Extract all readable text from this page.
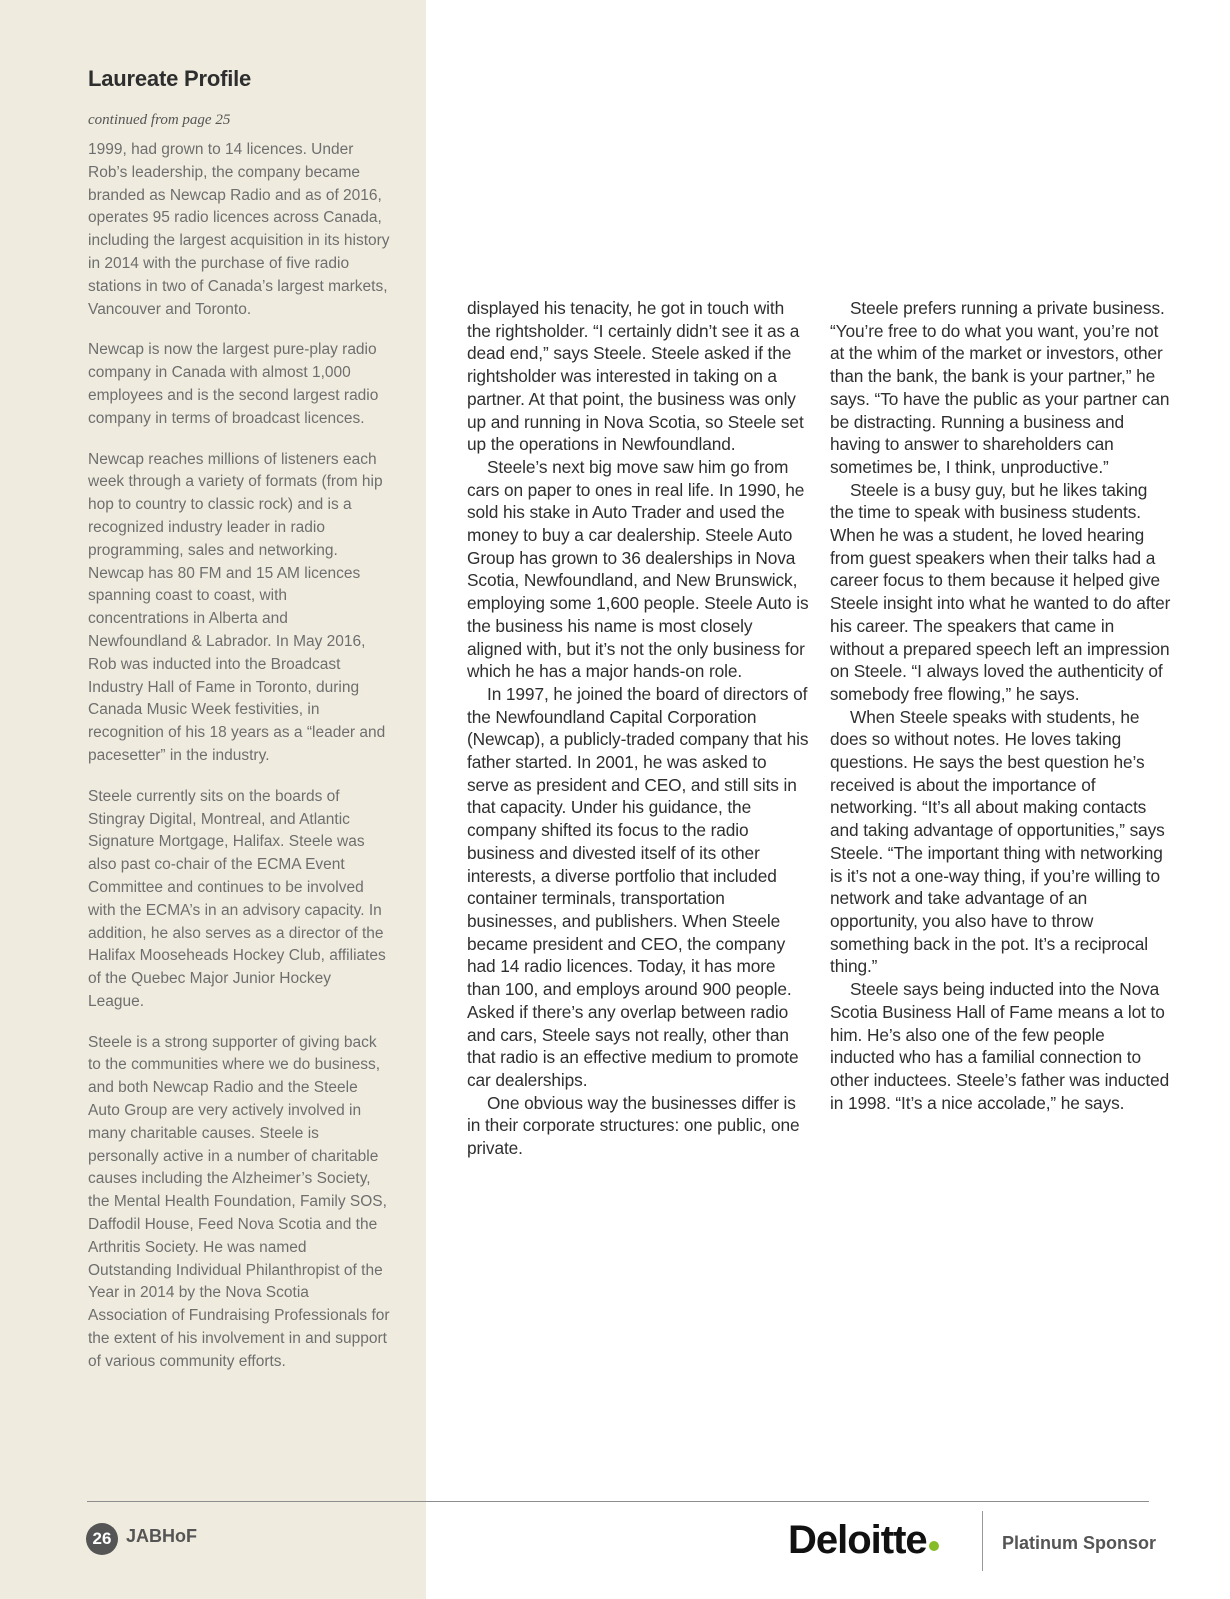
Laureate Profile

continued from page 25

1999, had grown to 14 licences. Under Rob’s leadership, the company became branded as Newcap Radio and as of 2016, operates 95 radio licences across Canada, including the largest acquisition in its history in 2014 with the purchase of five radio stations in two of Canada’s largest markets, Vancouver and Toronto.

Newcap is now the largest pure-play radio company in Canada with almost 1,000 employees and is the second largest radio company in terms of broadcast licences.

Newcap reaches millions of listeners each week through a variety of formats (from hip hop to country to classic rock) and is a recognized industry leader in radio programming, sales and networking. Newcap has 80 FM and 15 AM licences spanning coast to coast, with concentrations in Alberta and Newfoundland & Labrador. In May 2016, Rob was inducted into the Broadcast Industry Hall of Fame in Toronto, during Canada Music Week festivities, in recognition of his 18 years as a “leader and pacesetter” in the industry.

Steele currently sits on the boards of Stingray Digital, Montreal, and Atlantic Signature Mortgage, Halifax. Steele was also past co-chair of the ECMA Event Committee and continues to be involved with the ECMA’s in an advisory capacity. In addition, he also serves as a director of the Halifax Mooseheads Hockey Club, affiliates of the Quebec Major Junior Hockey League.

Steele is a strong supporter of giving back to the communities where we do business, and both Newcap Radio and the Steele Auto Group are very actively involved in many charitable causes. Steele is personally active in a number of charitable causes including the Alzheimer’s Society, the Mental Health Foundation, Family SOS, Daffodil House, Feed Nova Scotia and the Arthritis Society. He was named Outstanding Individual Philanthropist of the Year in 2014 by the Nova Scotia Association of Fundraising Professionals for the extent of his involvement in and support of various community efforts.

displayed his tenacity, he got in touch with the rightsholder. “I certainly didn’t see it as a dead end,” says Steele. Steele asked if the rightsholder was interested in taking on a partner. At that point, the business was only up and running in Nova Scotia, so Steele set up the operations in Newfoundland.

Steele’s next big move saw him go from cars on paper to ones in real life. In 1990, he sold his stake in Auto Trader and used the money to buy a car dealership. Steele Auto Group has grown to 36 dealerships in Nova Scotia, Newfoundland, and New Brunswick, employing some 1,600 people. Steele Auto is the business his name is most closely aligned with, but it’s not the only business for which he has a major hands-on role.

In 1997, he joined the board of directors of the Newfoundland Capital Corporation (Newcap), a publicly-traded company that his father started. In 2001, he was asked to serve as president and CEO, and still sits in that capacity. Under his guidance, the company shifted its focus to the radio business and divested itself of its other interests, a diverse portfolio that included container terminals, transportation businesses, and publishers. When Steele became president and CEO, the company had 14 radio licences. Today, it has more than 100, and employs around 900 people. Asked if there’s any overlap between radio and cars, Steele says not really, other than that radio is an effective medium to promote car dealerships.

One obvious way the businesses differ is in their corporate structures: one public, one private.

Steele prefers running a private business. “You’re free to do what you want, you’re not at the whim of the market or investors, other than the bank, the bank is your partner,” he says. “To have the public as your partner can be distracting. Running a business and having to answer to shareholders can sometimes be, I think, unproductive.”

Steele is a busy guy, but he likes taking the time to speak with business students. When he was a student, he loved hearing from guest speakers when their talks had a career focus to them because it helped give Steele insight into what he wanted to do after his career. The speakers that came in without a prepared speech left an impression on Steele. “I always loved the authenticity of somebody free flowing,” he says.

When Steele speaks with students, he does so without notes. He loves taking questions. He says the best question he’s received is about the importance of networking. “It’s all about making contacts and taking advantage of opportunities,” says Steele. “The important thing with networking is it’s not a one-way thing, if you’re willing to network and take advantage of an opportunity, you also have to throw something back in the pot. It’s a reciprocal thing.”

Steele says being inducted into the Nova Scotia Business Hall of Fame means a lot to him. He’s also one of the few people inducted who has a familial connection to other inductees. Steele’s father was inducted in 1998. “It’s a nice accolade,” he says.

26 JABHoF	Deloitte	Platinum Sponsor
